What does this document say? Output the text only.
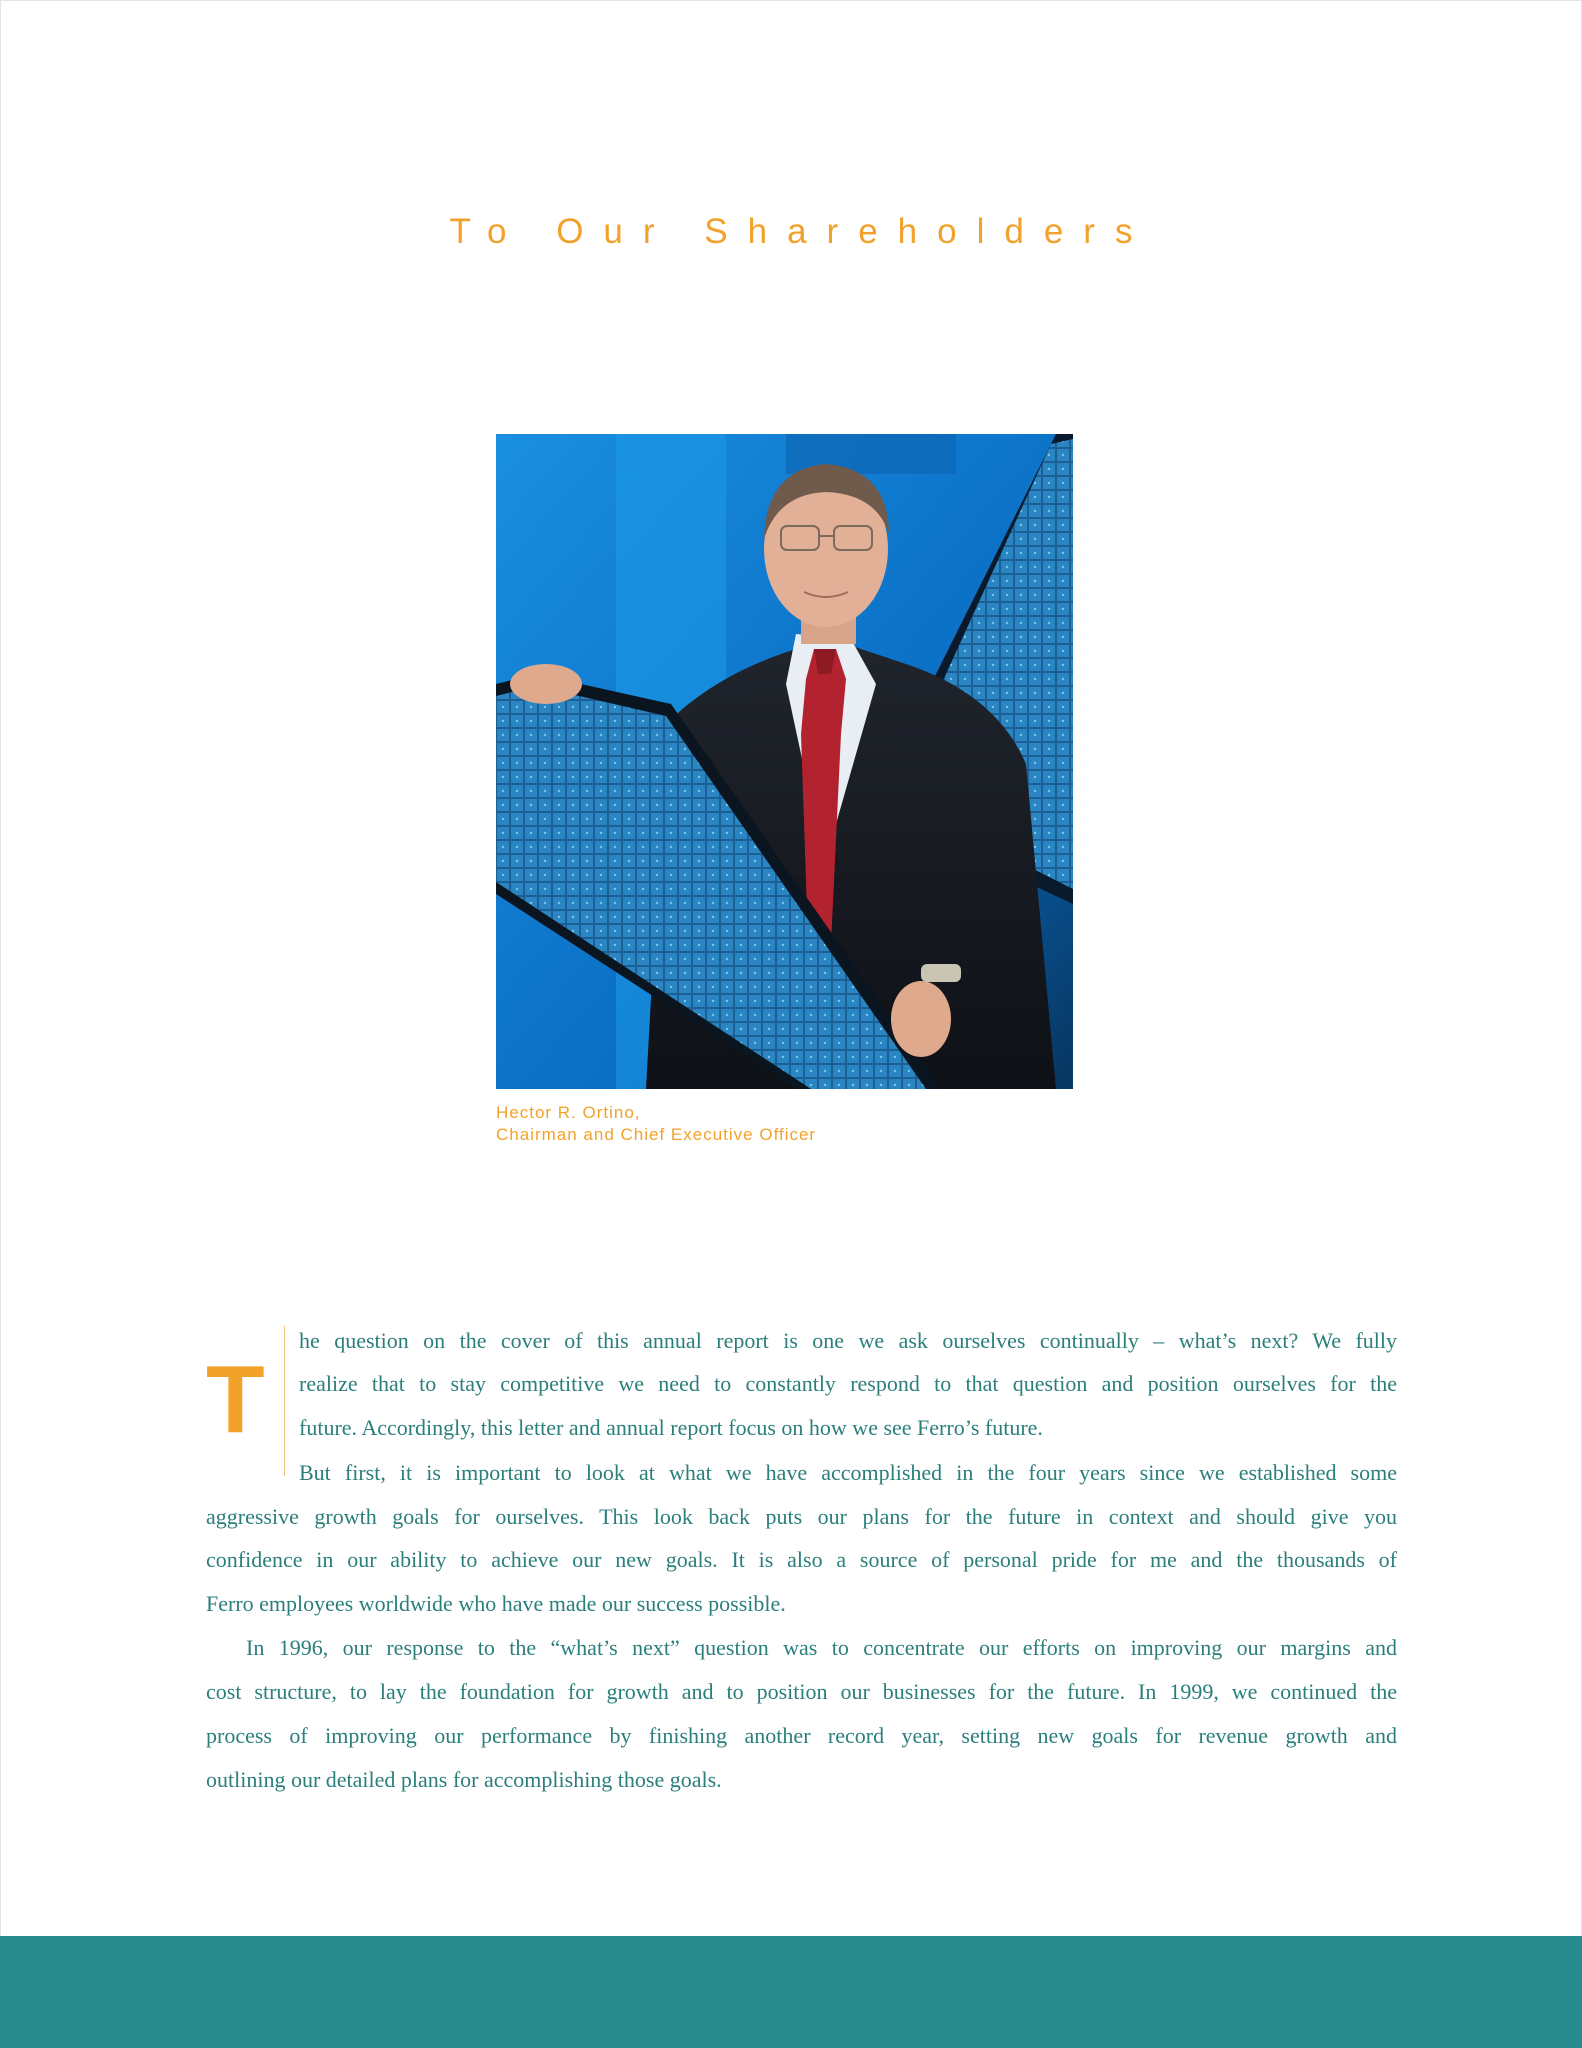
To Our Shareholders
Hector R. Ortino,
Chairman and Chief Executive Officer
T
he question on the cover of this annual report is one we ask ourselves continually – what’s next? We fully
realize that to stay competitive we need to constantly respond to that question and position ourselves for the
future. Accordingly, this letter and annual report focus on how we see Ferro’s future.
But first, it is important to look at what we have accomplished in the four years since we established some
aggressive growth goals for ourselves. This look back puts our plans for the future in context and should give you
confidence in our ability to achieve our new goals. It is also a source of personal pride for me and the thousands of
Ferro employees worldwide who have made our success possible.
In 1996, our response to the “what’s next” question was to concentrate our efforts on improving our margins and
cost structure, to lay the foundation for growth and to position our businesses for the future. In 1999, we continued the
process of improving our performance by finishing another record year, setting new goals for revenue growth and
outlining our detailed plans for accomplishing those goals.
